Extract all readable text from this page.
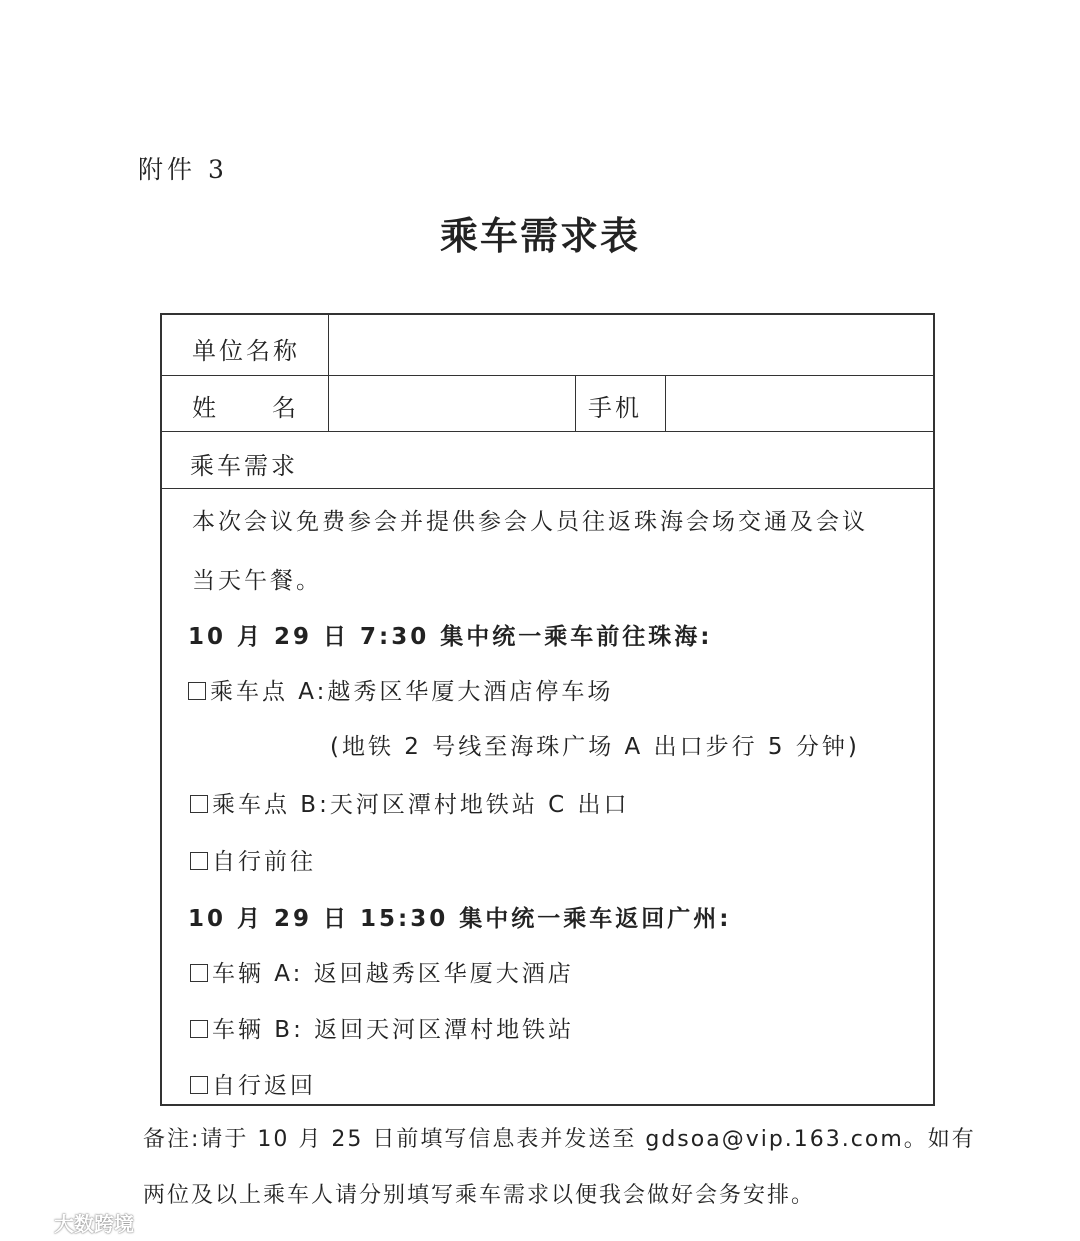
附件 3
乘车需求表
单位名称
姓 名	手机
乘车需求
本次会议免费参会并提供参会人员往返珠海会场交通及会议
当天午餐。
10 月 29 日 7:30 集中统一乘车前往珠海:
乘车点 A:越秀区华厦大酒店停车场
(地铁 2 号线至海珠广场 A 出口步行 5 分钟)
乘车点 B:天河区潭村地铁站 C 出口
自行前往
10 月 29 日 15:30 集中统一乘车返回广州:
车辆 A: 返回越秀区华厦大酒店
车辆 B: 返回天河区潭村地铁站
自行返回
备注:请于 10 月 25 日前填写信息表并发送至 gdsoa@vip.163.com。如有
两位及以上乘车人请分别填写乘车需求以便我会做好会务安排。
大数跨境
